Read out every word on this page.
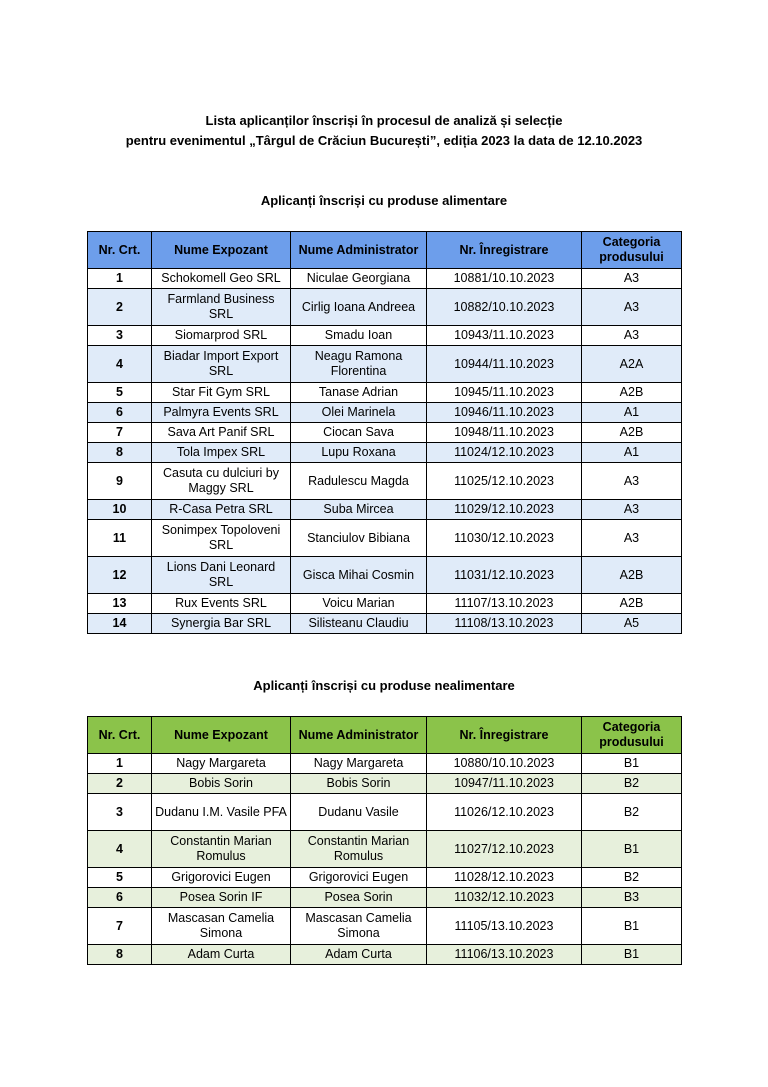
Lista aplicanților înscriși în procesul de analiză și selecție
pentru evenimentul „Târgul de Crăciun București”, ediția 2023 la data de 12.10.2023
Aplicanți înscriși cu produse alimentare
Nr. Crt.	Nume Expozant	Nume Administrator	Nr. Înregistrare	Categoria produsului
1	Schokomell Geo SRL	Niculae Georgiana	10881/10.10.2023	A3
2	Farmland Business SRL	Cirlig Ioana Andreea	10882/10.10.2023	A3
3	Siomarprod SRL	Smadu Ioan	10943/11.10.2023	A3
4	Biadar Import Export SRL	Neagu Ramona Florentina	10944/11.10.2023	A2A
5	Star Fit Gym SRL	Tanase Adrian	10945/11.10.2023	A2B
6	Palmyra Events SRL	Olei Marinela	10946/11.10.2023	A1
7	Sava Art Panif SRL	Ciocan Sava	10948/11.10.2023	A2B
8	Tola Impex SRL	Lupu Roxana	11024/12.10.2023	A1
9	Casuta cu dulciuri by Maggy SRL	Radulescu Magda	11025/12.10.2023	A3
10	R-Casa Petra SRL	Suba Mircea	11029/12.10.2023	A3
11	Sonimpex Topoloveni SRL	Stanciulov Bibiana	11030/12.10.2023	A3
12	Lions Dani Leonard SRL	Gisca Mihai Cosmin	11031/12.10.2023	A2B
13	Rux Events SRL	Voicu Marian	11107/13.10.2023	A2B
14	Synergia Bar SRL	Silisteanu Claudiu	11108/13.10.2023	A5
Aplicanți înscriși cu produse nealimentare
Nr. Crt.	Nume Expozant	Nume Administrator	Nr. Înregistrare	Categoria produsului
1	Nagy Margareta	Nagy Margareta	10880/10.10.2023	B1
2	Bobis Sorin	Bobis Sorin	10947/11.10.2023	B2
3	Dudanu I.M. Vasile PFA	Dudanu Vasile	11026/12.10.2023	B2
4	Constantin Marian Romulus	Constantin Marian Romulus	11027/12.10.2023	B1
5	Grigorovici Eugen	Grigorovici Eugen	11028/12.10.2023	B2
6	Posea Sorin IF	Posea Sorin	11032/12.10.2023	B3
7	Mascasan Camelia Simona	Mascasan Camelia Simona	11105/13.10.2023	B1
8	Adam Curta	Adam Curta	11106/13.10.2023	B1
